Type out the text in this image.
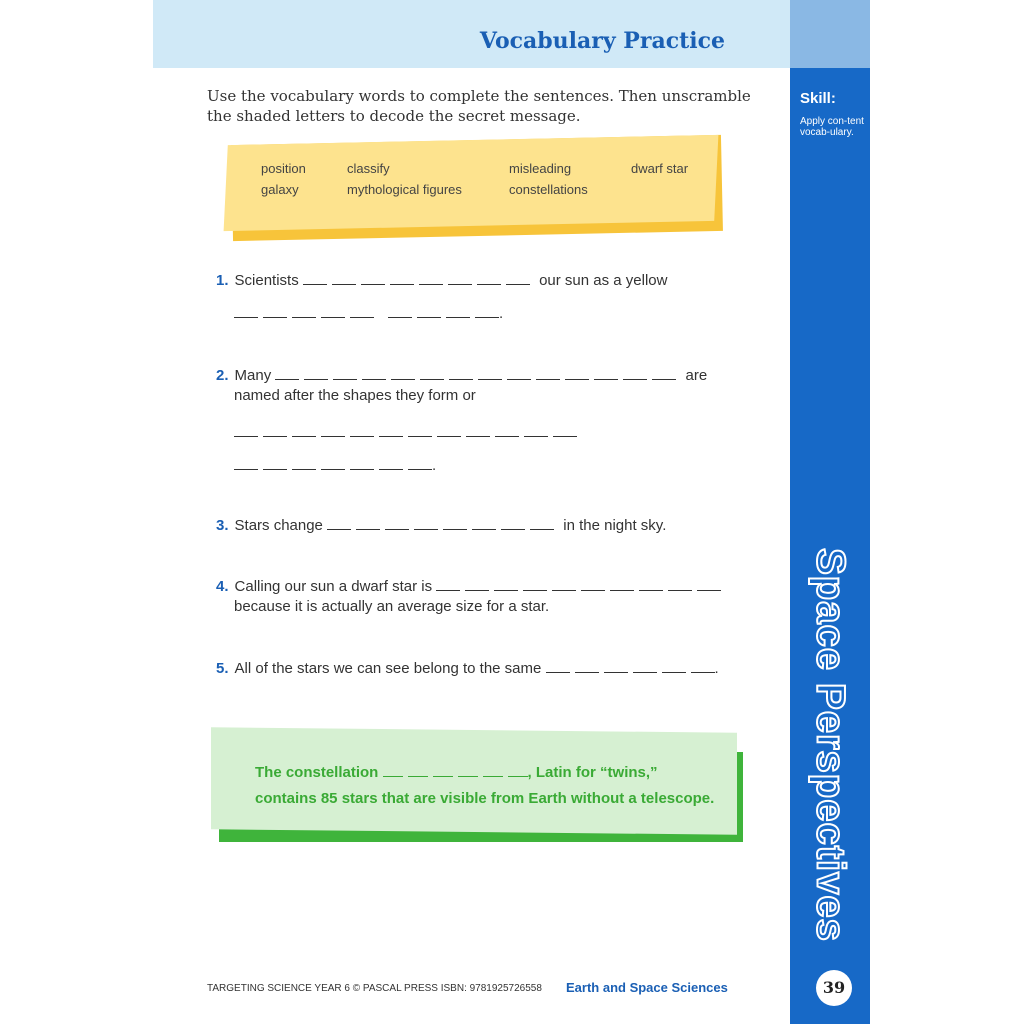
Vocabulary Practice
Skill:
Apply con-tent vocab-ulary.
Space Perspectives
39
Use the vocabulary words to complete the sentences. Then unscramble the shaded letters to decode the secret message.
position	classify	misleading	dwarf star
galaxy	mythological figures	constellations
1. Scientists	our sun as a yellow
.
2. Many	are
named after the shapes they form or
.
3. Stars change	in the night sky.
4. Calling our sun a dwarf star is
because it is actually an average size for a star.
5. All of the stars we can see belong to the same	.
The constellation	, Latin for “twins,”
contains 85 stars that are visible from Earth without a telescope.
TARGETING SCIENCE YEAR 6 © PASCAL PRESS ISBN: 9781925726558 Earth and Space Sciences
